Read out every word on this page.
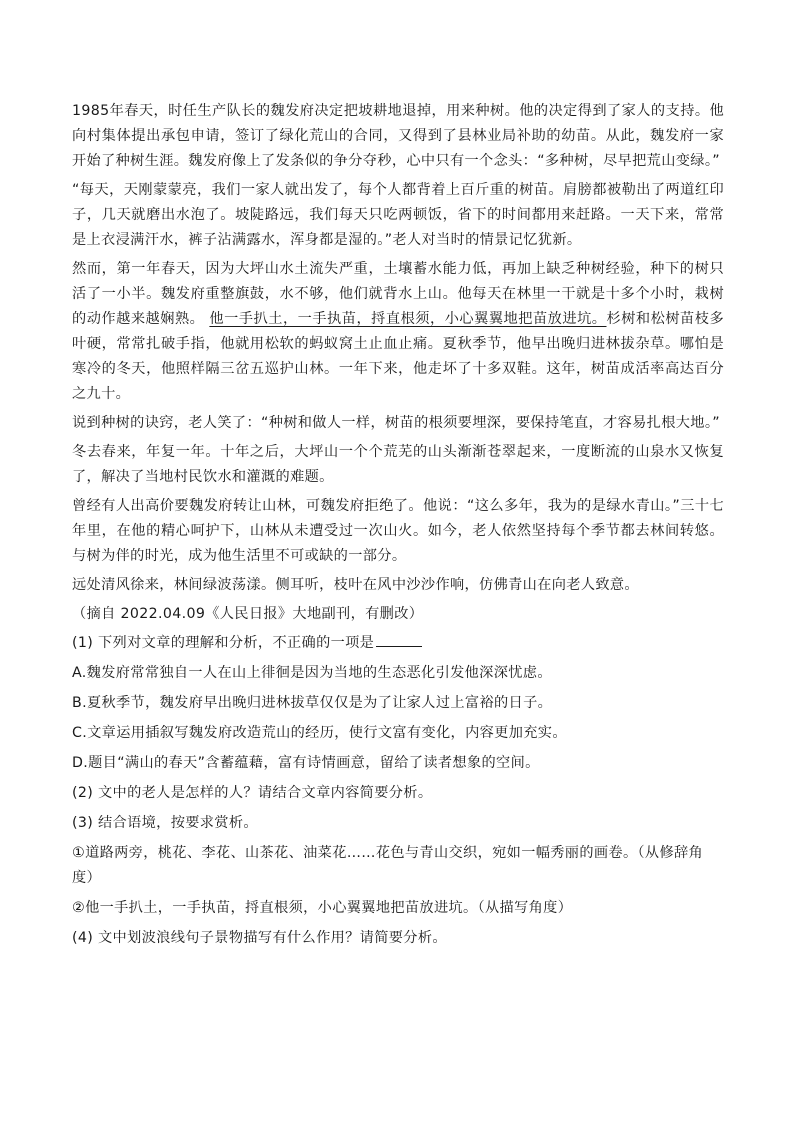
1985年春天，时任生产队长的魏发府决定把坡耕地退掉，用来种树。他的决定得到了家人的支持。他向村集体提出承包申请，签订了绿化荒山的合同，又得到了县林业局补助的幼苗。从此，魏发府一家开始了种树生涯。魏发府像上了发条似的争分夺秒，心中只有一个念头：“多种树，尽早把荒山变绿。”

“每天，天刚蒙蒙亮，我们一家人就出发了，每个人都背着上百斤重的树苗。肩膀都被勒出了两道红印子，几天就磨出水泡了。坡陡路远，我们每天只吃两顿饭，省下的时间都用来赶路。一天下来，常常是上衣浸满汗水，裤子沾满露水，浑身都是湿的。”老人对当时的情景记忆犹新。

然而，第一年春天，因为大坪山水土流失严重，土壤蓄水能力低，再加上缺乏种树经验，种下的树只活了一小半。魏发府重整旗鼓，水不够，他们就背水上山。他每天在林里一干就是十多个小时，栽树的动作越来越娴熟。 他一手扒土，一手执苗，捋直根须，小心翼翼地把苗放进坑。杉树和松树苗枝多叶硬，常常扎破手指，他就用松软的蚂蚁窝土止血止痛。夏秋季节，他早出晚归进林拔杂草。哪怕是寒冷的冬天，他照样隔三岔五巡护山林。一年下来，他走坏了十多双鞋。这年，树苗成活率高达百分之九十。

说到种树的诀窍，老人笑了：“种树和做人一样，树苗的根须要埋深，要保持笔直，才容易扎根大地。”

冬去春来，年复一年。十年之后，大坪山一个个荒芜的山头渐渐苍翠起来，一度断流的山泉水又恢复了，解决了当地村民饮水和灌溉的难题。

曾经有人出高价要魏发府转让山林，可魏发府拒绝了。他说：“这么多年，我为的是绿水青山。”三十七年里，在他的精心呵护下，山林从未遭受过一次山火。如今，老人依然坚持每个季节都去林间转悠。与树为伴的时光，成为他生活里不可或缺的一部分。

远处清风徐来，林间绿波荡漾。侧耳听，枝叶在风中沙沙作响，仿佛青山在向老人致意。

（摘自 2022.04.09《人民日报》大地副刊，有删改）

(1) 下列对文章的理解和分析，不正确的一项是

A.魏发府常常独自一人在山上徘徊是因为当地的生态恶化引发他深深忧虑。

B.夏秋季节，魏发府早出晚归进林拔草仅仅是为了让家人过上富裕的日子。

C.文章运用插叙写魏发府改造荒山的经历，使行文富有变化，内容更加充实。

D.题目“满山的春天”含蓄蕴藉，富有诗情画意，留给了读者想象的空间。

(2) 文中的老人是怎样的人？请结合文章内容简要分析。

(3) 结合语境，按要求赏析。

①道路两旁，桃花、李花、山茶花、油菜花……花色与青山交织，宛如一幅秀丽的画卷。（从修辞角度）

②他一手扒土，一手执苗，捋直根须，小心翼翼地把苗放进坑。（从描写角度）

(4) 文中划波浪线句子景物描写有什么作用？请简要分析。
